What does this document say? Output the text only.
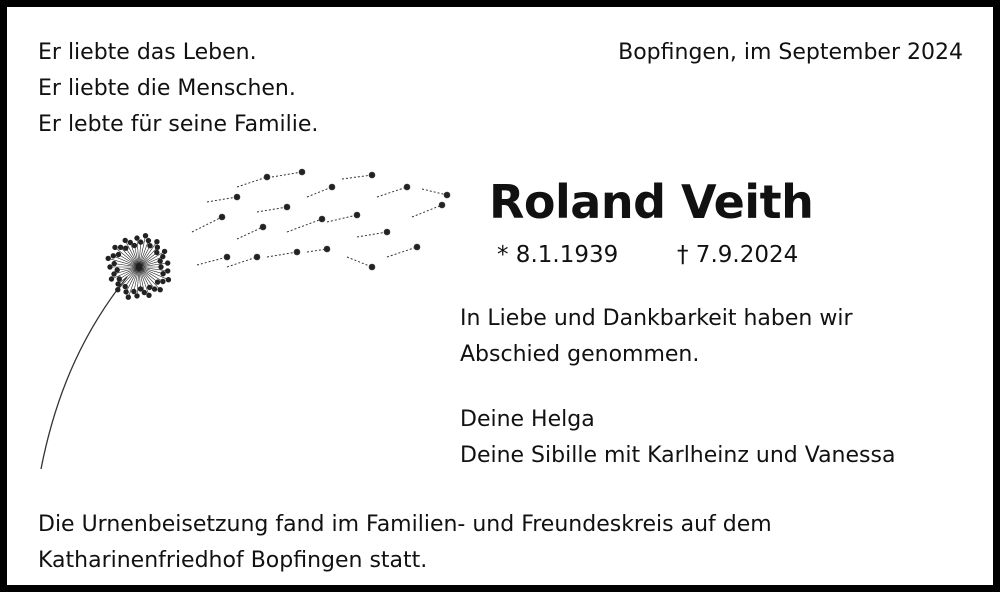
Er liebte das Leben.
Er liebte die Menschen.
Er lebte für seine Familie.
Bopfingen, im September 2024
Roland Veith
* 8.1.1939	† 7.9.2024
In Liebe und Dankbarkeit haben wir
Abschied genommen.
Deine Helga
Deine Sibille mit Karlheinz und Vanessa
Die Urnenbeisetzung fand im Familien- und Freundeskreis auf dem
Katharinenfriedhof Bopfingen statt.
